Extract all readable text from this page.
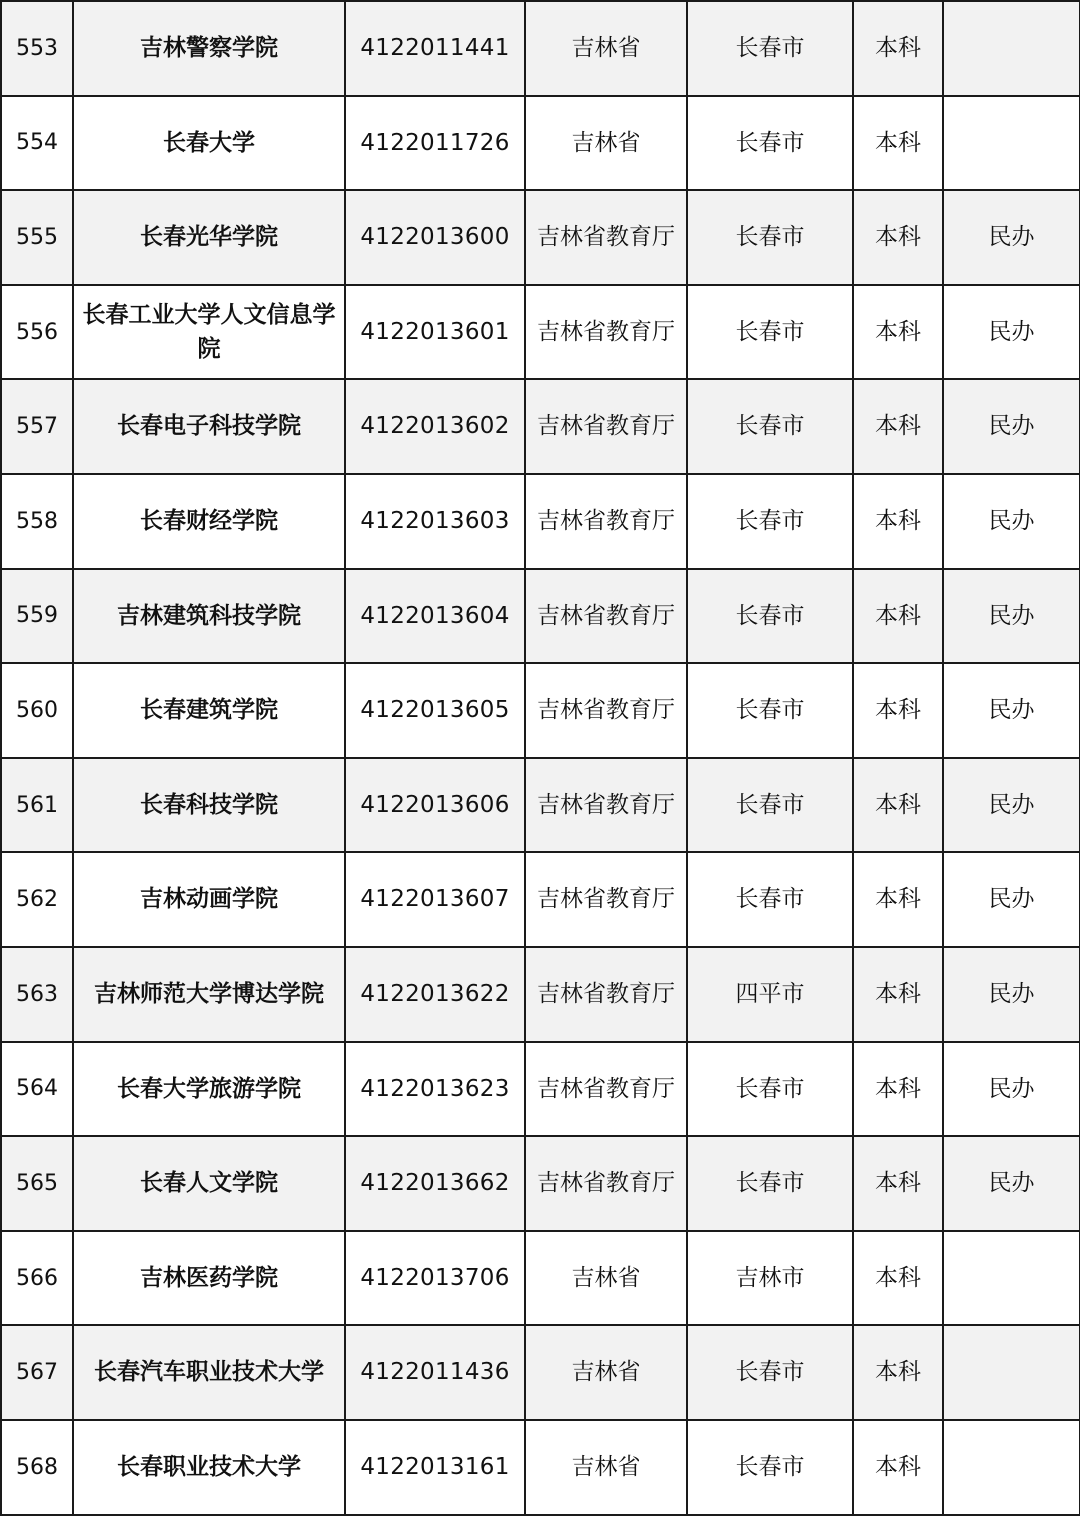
553	吉林警察学院	4122011441	吉林省	长春市	本科	
554	长春大学	4122011726	吉林省	长春市	本科	
555	长春光华学院	4122013600	吉林省教育厅	长春市	本科	民办
556	长春工业大学人文信息学院	4122013601	吉林省教育厅	长春市	本科	民办
557	长春电子科技学院	4122013602	吉林省教育厅	长春市	本科	民办
558	长春财经学院	4122013603	吉林省教育厅	长春市	本科	民办
559	吉林建筑科技学院	4122013604	吉林省教育厅	长春市	本科	民办
560	长春建筑学院	4122013605	吉林省教育厅	长春市	本科	民办
561	长春科技学院	4122013606	吉林省教育厅	长春市	本科	民办
562	吉林动画学院	4122013607	吉林省教育厅	长春市	本科	民办
563	吉林师范大学博达学院	4122013622	吉林省教育厅	四平市	本科	民办
564	长春大学旅游学院	4122013623	吉林省教育厅	长春市	本科	民办
565	长春人文学院	4122013662	吉林省教育厅	长春市	本科	民办
566	吉林医药学院	4122013706	吉林省	吉林市	本科	
567	长春汽车职业技术大学	4122011436	吉林省	长春市	本科	
568	长春职业技术大学	4122013161	吉林省	长春市	本科	
